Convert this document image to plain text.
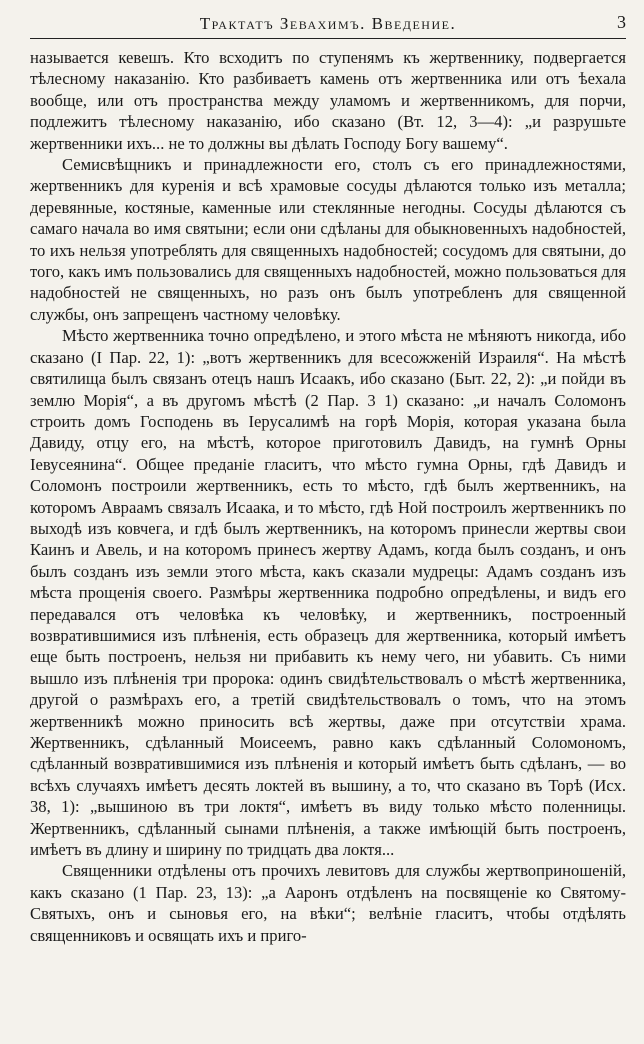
Трактатъ Зевахимъ. Введение.	3

называется кевешъ. Кто всходитъ по ступенямъ къ жертвеннику, подвергается тѣлесному наказанію. Кто разбиваетъ камень отъ жертвенника или отъ ѣехала вообще, или отъ пространства между уламомъ и жертвенникомъ, для порчи, подлежитъ тѣлесному наказанію, ибо сказано (Вт. 12, 3—4): „и разрушьте жертвенники ихъ... не то должны вы дѣлать Господу Богу вашему“.

Семисвѣщникъ и принадлежности его, столъ съ его принадлежностями, жертвенникъ для куренія и всѣ храмовые сосуды дѣлаются только изъ металла; деревянные, костяные, каменные или стеклянные негодны. Сосуды дѣлаются съ самаго начала во имя святыни; если они сдѣланы для обыкновенныхъ надобностей, то ихъ нельзя употреблять для священныхъ надобностей; сосудомъ для святыни, до того, какъ имъ пользовались для священныхъ надобностей, можно пользоваться для надобностей не священныхъ, но разъ онъ былъ употребленъ для священной службы, онъ запрещенъ частному человѣку.

Мѣсто жертвенника точно опредѣлено, и этого мѣста не мѣняютъ никогда, ибо сказано (I Пар. 22, 1): „вотъ жертвенникъ для всесожженій Израиля“. На мѣстѣ святилища былъ связанъ отецъ нашъ Исаакъ, ибо сказано (Быт. 22, 2): „и пойди въ землю Морія“, а въ другомъ мѣстѣ (2 Пар. 3 1) сказано: „и началъ Соломонъ строить домъ Господень въ Іерусалимѣ на горѣ Морія, которая указана была Давиду, отцу его, на мѣстѣ, которое приготовилъ Давидъ, на гумнѣ Орны Іевусеянина“. Общее преданіе гласитъ, что мѣсто гумна Орны, гдѣ Давидъ и Соломонъ построили жертвенникъ, есть то мѣсто, гдѣ былъ жертвенникъ, на которомъ Авраамъ связалъ Исаака, и то мѣсто, гдѣ Ной построилъ жертвенникъ по выходѣ изъ ковчега, и гдѣ былъ жертвенникъ, на которомъ принесли жертвы свои Каинъ и Авель, и на которомъ принесъ жертву Адамъ, когда былъ созданъ, и онъ былъ созданъ изъ земли этого мѣста, какъ сказали мудрецы: Адамъ созданъ изъ мѣста прощенія своего. Размѣры жертвенника подробно опредѣлены, и видъ его передавался отъ человѣка къ человѣку, и жертвенникъ, построенный возвратившимися изъ плѣненія, есть образецъ для жертвенника, который имѣетъ еще быть построенъ, нельзя ни прибавить къ нему чего, ни убавить. Съ ними вышло изъ плѣненія три пророка: одинъ свидѣтельствовалъ о мѣстѣ жертвенника, другой о размѣрахъ его, а третій свидѣтельствовалъ о томъ, что на этомъ жертвенникѣ можно приносить всѣ жертвы, даже при отсутствіи храма. Жертвенникъ, сдѣланный Моисеемъ, равно какъ сдѣланный Соломономъ, сдѣланный возвратившимися изъ плѣненія и который имѣетъ быть сдѣланъ, — во всѣхъ случаяхъ имѣетъ десять локтей въ вышину, а то, что сказано въ Торѣ (Исх. 38, 1): „вышиною въ три локтя“, имѣетъ въ виду только мѣсто поленницы. Жертвенникъ, сдѣланный сынами плѣненія, а также имѣющій быть построенъ, имѣетъ въ длину и ширину по тридцать два локтя...

Священники отдѣлены отъ прочихъ левитовъ для службы жертвоприношеній, какъ сказано (1 Пар. 23, 13): „а Ааронъ отдѣленъ на посвященіе ко Святому-Святыхъ, онъ и сыновья его, на вѣки“; велѣніе гласитъ, чтобы отдѣлять священниковъ и освящать ихъ и приго-
